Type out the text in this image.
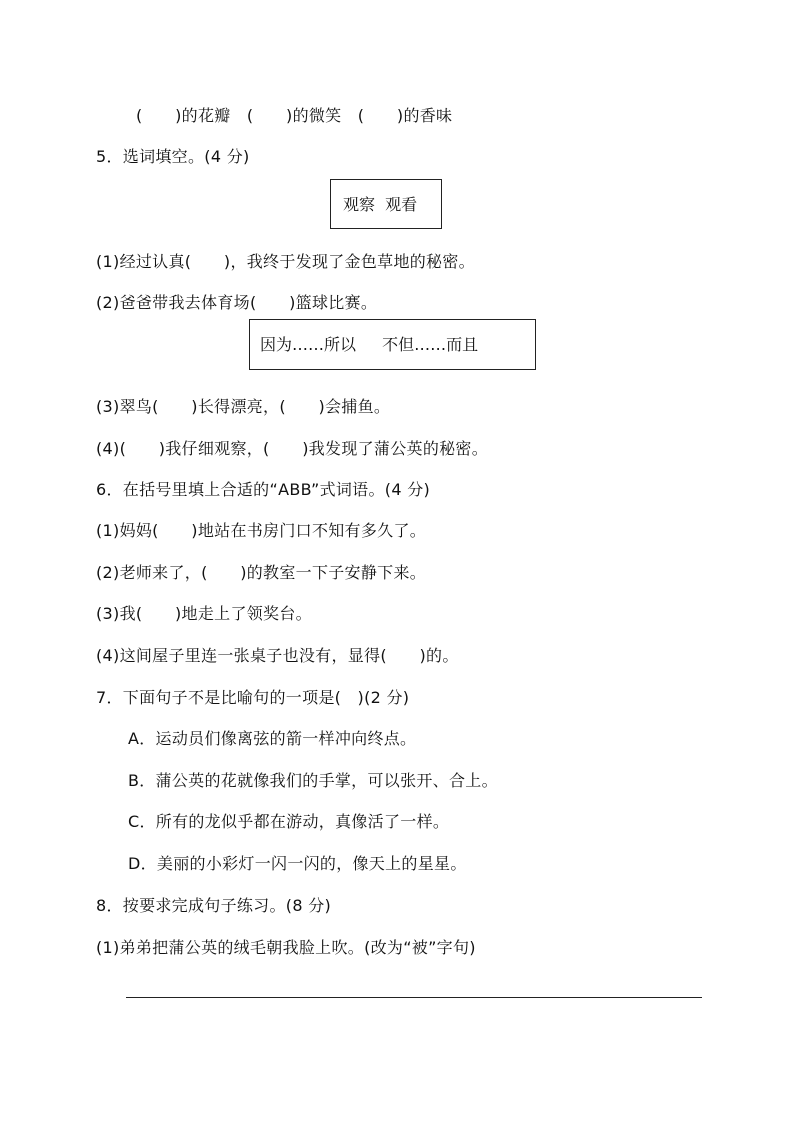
(　　)的花瓣　(　　)的微笑　(　　)的香味
5．选词填空。(4 分)
观察  观看
(1)经过认真(　　)，我终于发现了金色草地的秘密。
(2)爸爸带我去体育场(　　)篮球比赛。
因为……所以　  不但……而且
(3)翠鸟(　　)长得漂亮，(　　)会捕鱼。
(4)(　　)我仔细观察，(　　)我发现了蒲公英的秘密。
6．在括号里填上合适的“ABB”式词语。(4 分)
(1)妈妈(　　)地站在书房门口不知有多久了。
(2)老师来了，(　　)的教室一下子安静下来。
(3)我(　　)地走上了领奖台。
(4)这间屋子里连一张桌子也没有，显得(　　)的。
7．下面句子不是比喻句的一项是(　)(2 分)
A．运动员们像离弦的箭一样冲向终点。
B．蒲公英的花就像我们的手掌，可以张开、合上。
C．所有的龙似乎都在游动，真像活了一样。
D．美丽的小彩灯一闪一闪的，像天上的星星。
8．按要求完成句子练习。(8 分)
(1)弟弟把蒲公英的绒毛朝我脸上吹。(改为“被”字句)
